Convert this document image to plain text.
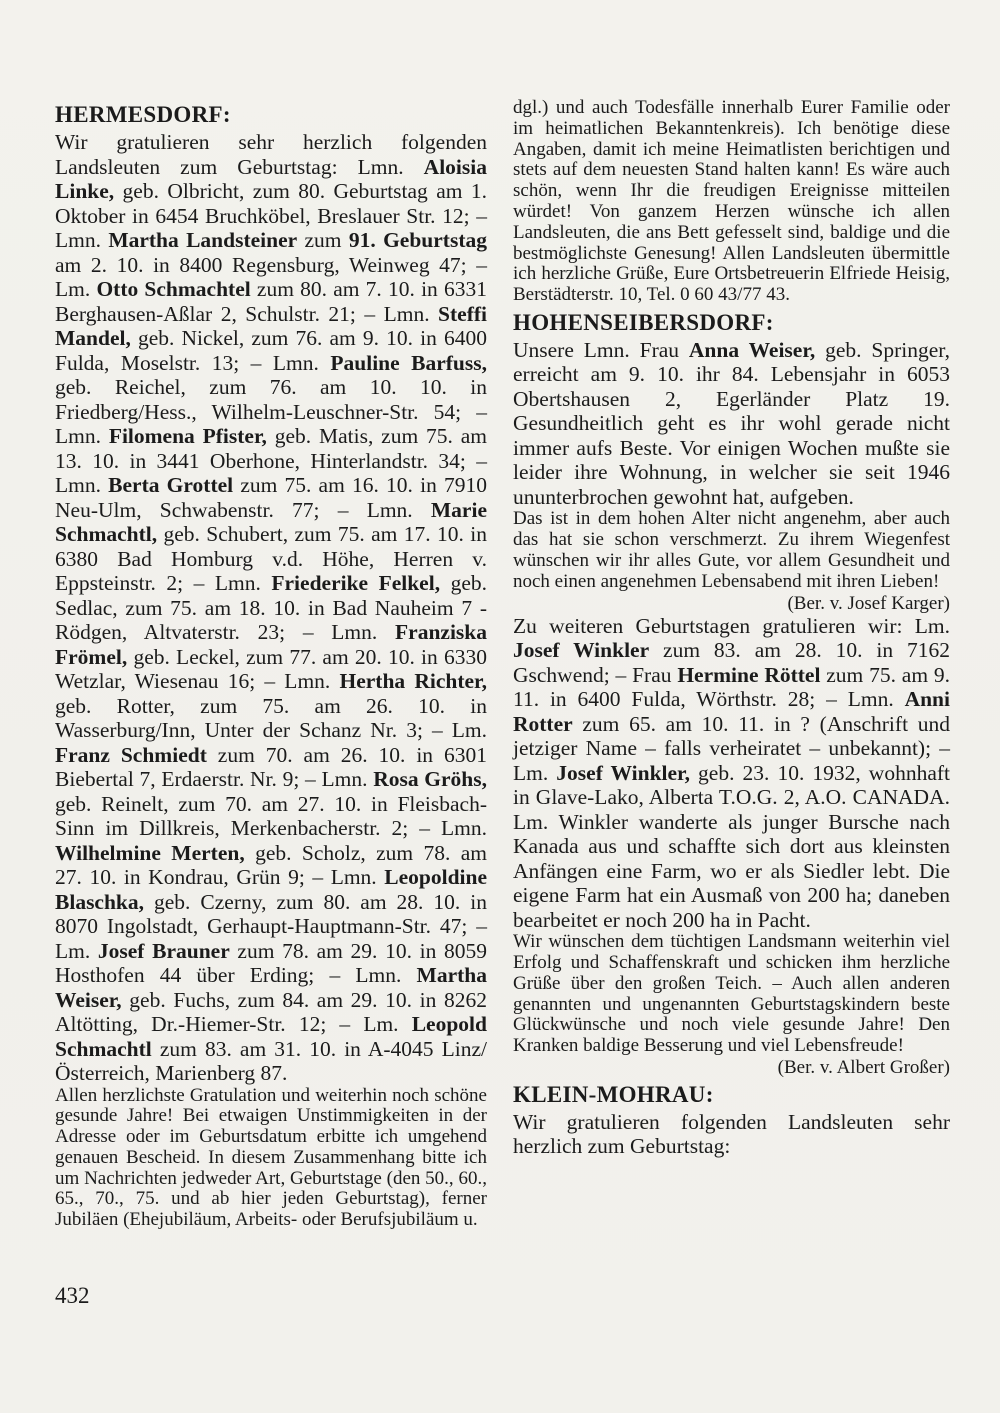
HERMESDORF:

Wir gratulieren sehr herzlich folgenden Landsleuten zum Geburtstag: Lmn. Aloisia Linke, geb. Olbricht, zum 80. Geburtstag am 1. Oktober in 6454 Bruchköbel, Breslauer Str. 12; – Lmn. Martha Landsteiner zum 91. Geburtstag am 2. 10. in 8400 Regensburg, Weinweg 47; – Lm. Otto Schmachtel zum 80. am 7. 10. in 6331 Berghausen-Aßlar 2, Schulstr. 21; – Lmn. Steffi Mandel, geb. Nickel, zum 76. am 9. 10. in 6400 Fulda, Moselstr. 13; – Lmn. Pauline Barfuss, geb. Reichel, zum 76. am 10. 10. in Friedberg/Hess., Wilhelm-Leuschner-Str. 54; – Lmn. Filomena Pfister, geb. Matis, zum 75. am 13. 10. in 3441 Oberhone, Hinterlandstr. 34; – Lmn. Berta Grottel zum 75. am 16. 10. in 7910 Neu-Ulm, Schwabenstr. 77; – Lmn. Marie Schmachtl, geb. Schubert, zum 75. am 17. 10. in 6380 Bad Homburg v.d. Höhe, Herren v. Eppsteinstr. 2; – Lmn. Friederike Felkel, geb. Sedlac, zum 75. am 18. 10. in Bad Nauheim 7 - Rödgen, Altvaterstr. 23; – Lmn. Franziska Frömel, geb. Leckel, zum 77. am 20. 10. in 6330 Wetzlar, Wiesenau 16; – Lmn. Hertha Richter, geb. Rotter, zum 75. am 26. 10. in Wasserburg/Inn, Unter der Schanz Nr. 3; – Lm. Franz Schmiedt zum 70. am 26. 10. in 6301 Biebertal 7, Erdaerstr. Nr. 9; – Lmn. Rosa Gröhs, geb. Reinelt, zum 70. am 27. 10. in Fleisbach-Sinn im Dillkreis, Merkenbacherstr. 2; – Lmn. Wilhelmine Merten, geb. Scholz, zum 78. am 27. 10. in Kondrau, Grün 9; – Lmn. Leopoldine Blaschka, geb. Czerny, zum 80. am 28. 10. in 8070 Ingolstadt, Gerhaupt-Hauptmann-Str. 47; – Lm. Josef Brauner zum 78. am 29. 10. in 8059 Hosthofen 44 über Erding; – Lmn. Martha Weiser, geb. Fuchs, zum 84. am 29. 10. in 8262 Altötting, Dr.-Hiemer-Str. 12; – Lm. Leopold Schmachtl zum 83. am 31. 10. in A-4045 Linz/Österreich, Marienberg 87.

Allen herzlichste Gratulation und weiterhin noch schöne gesunde Jahre! Bei etwaigen Unstimmigkeiten in der Adresse oder im Geburtsdatum erbitte ich umgehend genauen Bescheid. In diesem Zusammenhang bitte ich um Nachrichten jedweder Art, Geburtstage (den 50., 60., 65., 70., 75. und ab hier jeden Geburtstag), ferner Jubiläen (Ehejubiläum, Arbeits- oder Berufsjubiläum u.

dgl.) und auch Todesfälle innerhalb Eurer Familie oder im heimatlichen Bekanntenkreis). Ich benötige diese Angaben, damit ich meine Heimatlisten berichtigen und stets auf dem neuesten Stand halten kann! Es wäre auch schön, wenn Ihr die freudigen Ereignisse mitteilen würdet! Von ganzem Herzen wünsche ich allen Landsleuten, die ans Bett gefesselt sind, baldige und die bestmöglichste Genesung! Allen Landsleuten übermittle ich herzliche Grüße, Eure Ortsbetreuerin Elfriede Heisig, Berstädterstr. 10, Tel. 0 60 43/77 43.

HOHENSEIBERSDORF:

Unsere Lmn. Frau Anna Weiser, geb. Springer, erreicht am 9. 10. ihr 84. Lebensjahr in 6053 Obertshausen 2, Egerländer Platz 19. Gesundheitlich geht es ihr wohl gerade nicht immer aufs Beste. Vor einigen Wochen mußte sie leider ihre Wohnung, in welcher sie seit 1946 ununterbrochen gewohnt hat, aufgeben.

Das ist in dem hohen Alter nicht angenehm, aber auch das hat sie schon verschmerzt. Zu ihrem Wiegenfest wünschen wir ihr alles Gute, vor allem Gesundheit und noch einen angenehmen Lebensabend mit ihren Lieben!

(Ber. v. Josef Karger)

Zu weiteren Geburtstagen gratulieren wir: Lm. Josef Winkler zum 83. am 28. 10. in 7162 Gschwend; – Frau Hermine Röttel zum 75. am 9. 11. in 6400 Fulda, Wörthstr. 28; – Lmn. Anni Rotter zum 65. am 10. 11. in ? (Anschrift und jetziger Name – falls verheiratet – unbekannt); – Lm. Josef Winkler, geb. 23. 10. 1932, wohnhaft in Glave-Lako, Alberta T.O.G. 2, A.O. CANADA. Lm. Winkler wanderte als junger Bursche nach Kanada aus und schaffte sich dort aus kleinsten Anfängen eine Farm, wo er als Siedler lebt. Die eigene Farm hat ein Ausmaß von 200 ha; daneben bearbeitet er noch 200 ha in Pacht.

Wir wünschen dem tüchtigen Landsmann weiterhin viel Erfolg und Schaffenskraft und schicken ihm herzliche Grüße über den großen Teich. – Auch allen anderen genannten und ungenannten Geburtstagskindern beste Glückwünsche und noch viele gesunde Jahre! Den Kranken baldige Besserung und viel Lebensfreude!

(Ber. v. Albert Großer)

KLEIN-MOHRAU:

Wir gratulieren folgenden Landsleuten sehr herzlich zum Geburtstag:

432
